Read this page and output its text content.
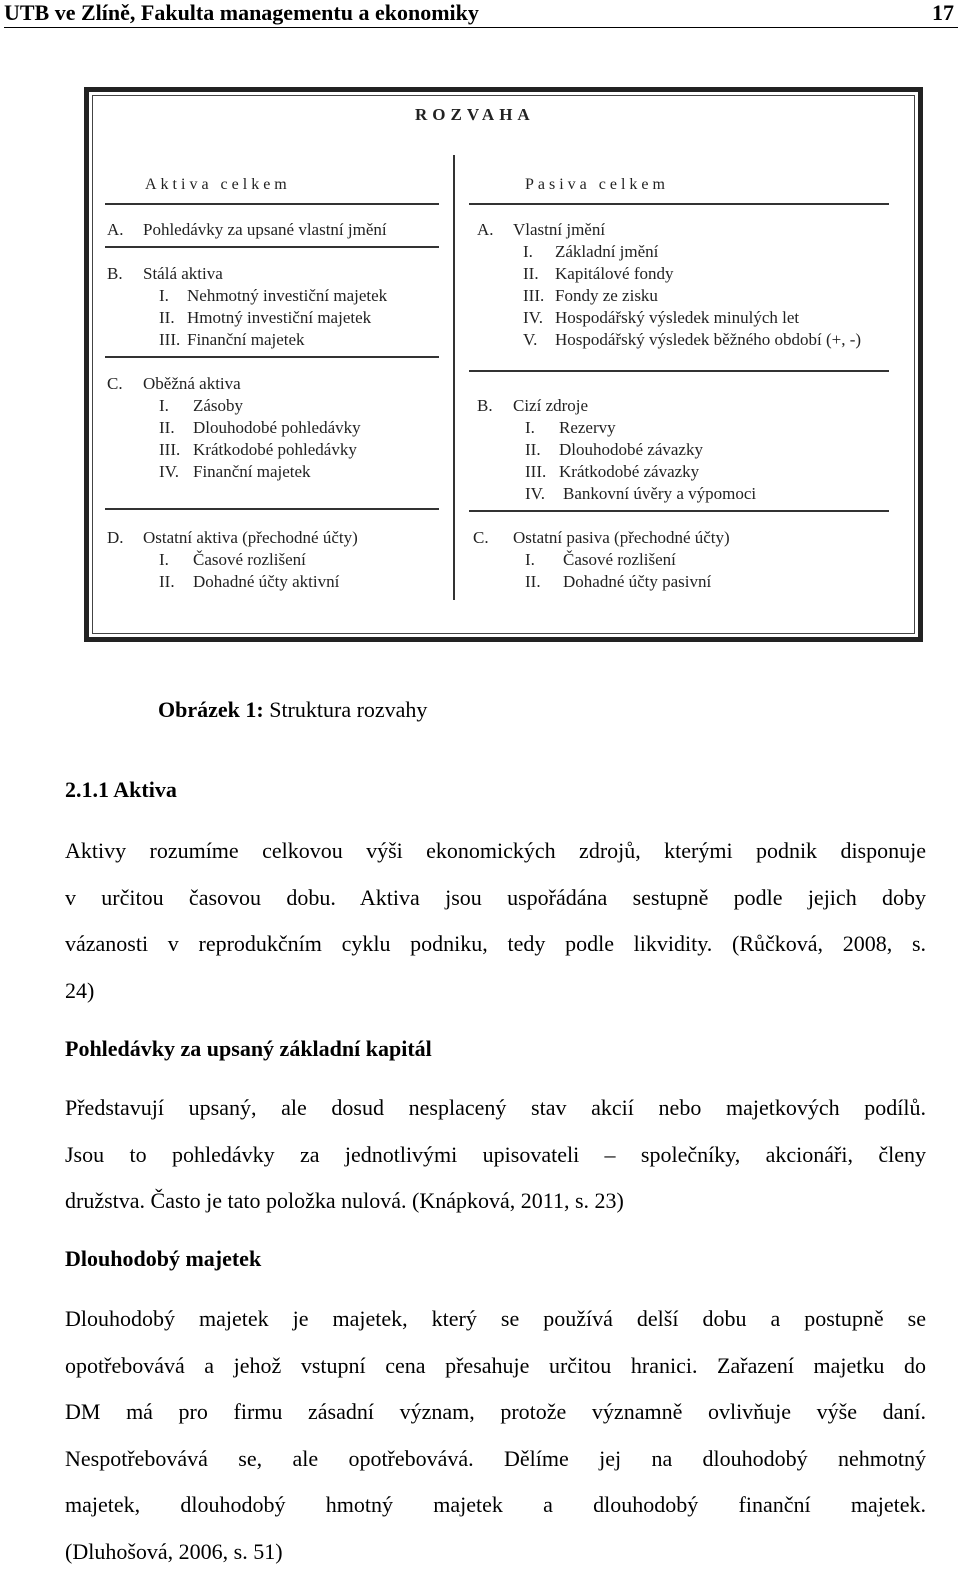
UTB ve Zlíně, Fakulta managementu a ekonomiky	17
ROZVAHA
Aktiva celkem	Pasiva celkem
A. Pohledávky za upsané vlastní jmění
B. Stálá aktiva
I. Nehmotný investiční majetek
II. Hmotný investiční majetek
III. Finanční majetek
C. Oběžná aktiva
I. Zásoby
II. Dlouhodobé pohledávky
III. Krátkodobé pohledávky
IV. Finanční majetek
D. Ostatní aktiva (přechodné účty)
I. Časové rozlišení
II. Dohadné účty aktivní
A. Vlastní jmění
I. Základní jmění
II. Kapitálové fondy
III. Fondy ze zisku
IV. Hospodářský výsledek minulých let
V. Hospodářský výsledek běžného období (+, -)
B. Cizí zdroje
I. Rezervy
II. Dlouhodobé závazky
III. Krátkodobé závazky
IV. Bankovní úvěry a výpomoci
C. Ostatní pasiva (přechodné účty)
I. Časové rozlišení
II. Dohadné účty pasivní
Obrázek 1: Struktura rozvahy
2.1.1 Aktiva
Aktivy rozumíme celkovou výši ekonomických zdrojů, kterými podnik disponuje
v určitou časovou dobu. Aktiva jsou uspořádána sestupně podle jejich doby
vázanosti v reprodukčním cyklu podniku, tedy podle likvidity. (Růčková, 2008, s.
24)
Pohledávky za upsaný základní kapitál
Představují upsaný, ale dosud nesplacený stav akcií nebo majetkových podílů.
Jsou to pohledávky za jednotlivými upisovateli – společníky, akcionáři, členy
družstva. Často je tato položka nulová. (Knápková, 2011, s. 23)
Dlouhodobý majetek
Dlouhodobý majetek je majetek, který se používá delší dobu a postupně se
opotřebovává a jehož vstupní cena přesahuje určitou hranici. Zařazení majetku do
DM má pro firmu zásadní význam, protože významně ovlivňuje výše daní.
Nespotřebovává se, ale opotřebovává. Dělíme jej na dlouhodobý nehmotný
majetek, dlouhodobý hmotný majetek a dlouhodobý finanční majetek.
(Dluhošová, 2006, s. 51)
